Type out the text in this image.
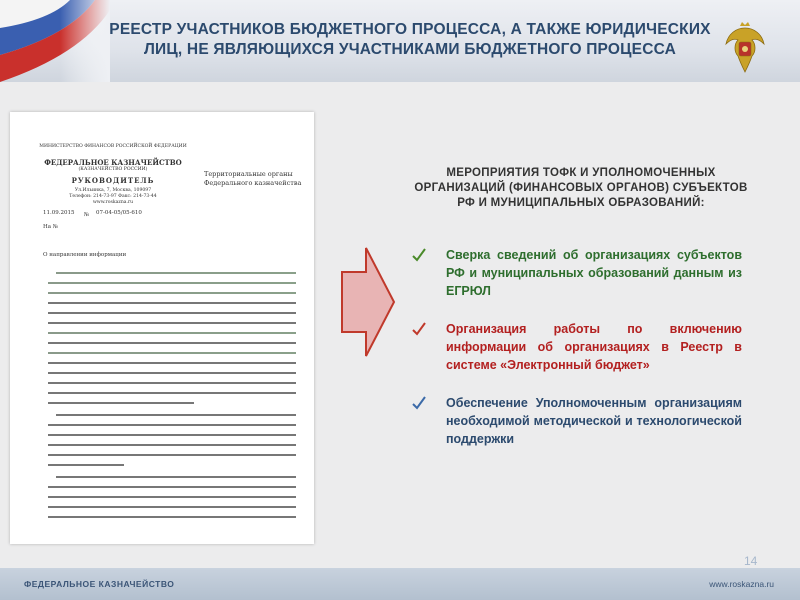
РЕЕСТР УЧАСТНИКОВ БЮДЖЕТНОГО ПРОЦЕССА, А ТАКЖЕ ЮРИДИЧЕСКИХ ЛИЦ, НЕ ЯВЛЯЮЩИХСЯ УЧАСТНИКАМИ БЮДЖЕТНОГО ПРОЦЕССА
МИНИСТЕРСТВО ФИНАНСОВ РОССИЙСКОЙ ФЕДЕРАЦИИ
ФЕДЕРАЛЬНОЕ КАЗНАЧЕЙСТВО
(КАЗНАЧЕЙСТВО РОССИИ)
РУКОВОДИТЕЛЬ
Ул.Ильинка, 7, Москва, 109097
Телефон: 214-73-97 Факс: 214-73-44
www.roskazna.ru
11.09.2015 № 07-04-05/05-610
На №
Территориальные органы Федерального казначейства
О направлении информации
МЕРОПРИЯТИЯ ТОФК И УПОЛНОМОЧЕННЫХ ОРГАНИЗАЦИЙ (ФИНАНСОВЫХ ОРГАНОВ) СУБЪЕКТОВ РФ И МУНИЦИПАЛЬНЫХ ОБРАЗОВАНИЙ:
Сверка сведений об организациях субъектов РФ и муниципальных образований данным из ЕГРЮЛ
Организация работы по включению информации об организациях в Реестр в системе «Электронный бюджет»
Обеспечение Уполномоченным организациям необходимой методической и технологической поддержки
14
ФЕДЕРАЛЬНОЕ КАЗНАЧЕЙСТВО	www.roskazna.ru
